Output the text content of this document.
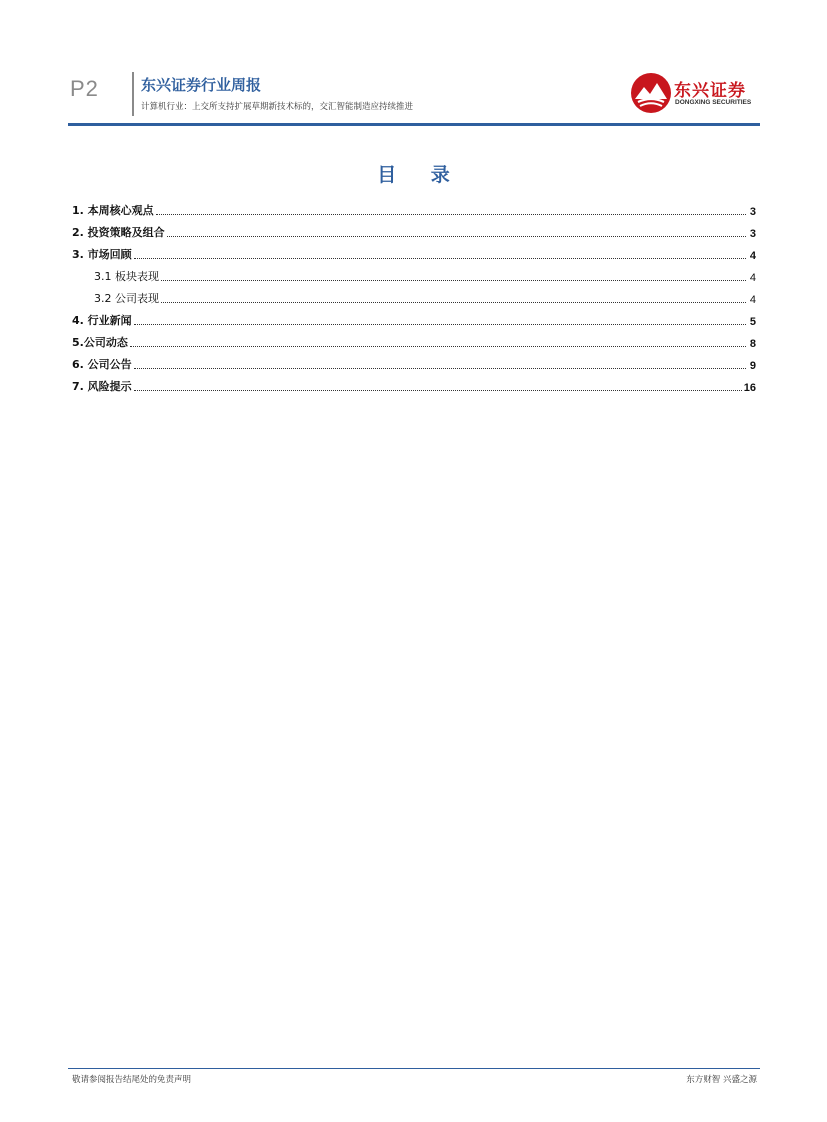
P2	东兴证券行业周报
计算机行业：上交所支持扩展草期新技术标的，交汇智能制造应持续推进
东兴证券
DONGXING SECURITIES
目 录
1. 本周核心观点	3
2. 投资策略及组合	3
3. 市场回顾	4
3.1 板块表现	4
3.2 公司表现	4
4. 行业新闻	5
5.公司动态	8
6. 公司公告	9
7. 风险提示	16
敬请参阅报告结尾处的免责声明	东方财智 兴盛之源
